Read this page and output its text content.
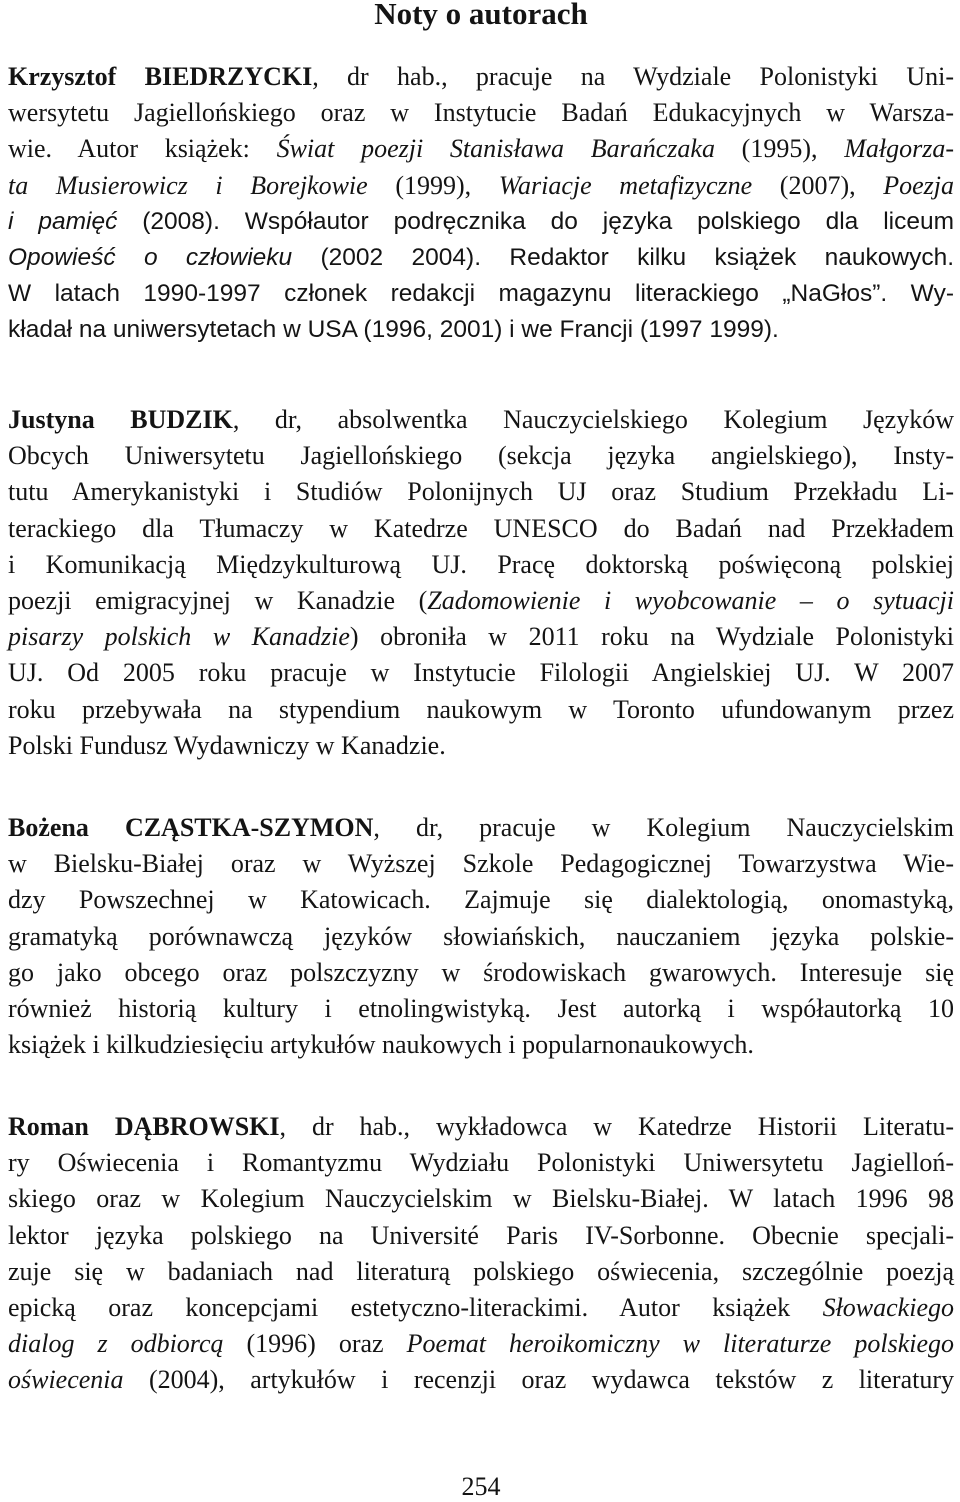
Noty o autorach
Krzysztof BIEDRZYCKI, dr hab., pracuje na Wydziale Polonistyki Uni-
wersytetu Jagiellońskiego oraz w Instytucie Badań Edukacyjnych w Warsza-
wie. Autor książek: Świat poezji Stanisława Barańczaka (1995), Małgorza-
ta Musierowicz i Borejkowie (1999), Wariacje metafizyczne (2007), Poezja
i pamięć (2008). Współautor podręcznika do języka polskiego dla liceum
Opowieść o człowieku (2002 2004). Redaktor kilku książek naukowych.
W latach 1990-1997 członek redakcji magazynu literackiego „NaGłos”. Wy-
kładał na uniwersytetach w USA (1996, 2001) i we Francji (1997 1999).
Justyna BUDZIK, dr, absolwentka Nauczycielskiego Kolegium Języków
Obcych Uniwersytetu Jagiellońskiego (sekcja języka angielskiego), Insty-
tutu Amerykanistyki i Studiów Polonijnych UJ oraz Studium Przekładu Li-
terackiego dla Tłumaczy w Katedrze UNESCO do Badań nad Przekładem
i Komunikacją Międzykulturową UJ. Pracę doktorską poświęconą polskiej
poezji emigracyjnej w Kanadzie (Zadomowienie i wyobcowanie – o sytuacji
pisarzy polskich w Kanadzie) obroniła w 2011 roku na Wydziale Polonistyki
UJ. Od 2005 roku pracuje w Instytucie Filologii Angielskiej UJ. W 2007
roku przebywała na stypendium naukowym w Toronto ufundowanym przez
Polski Fundusz Wydawniczy w Kanadzie.
Bożena CZĄSTKA-SZYMON, dr, pracuje w Kolegium Nauczycielskim
w Bielsku-Białej oraz w Wyższej Szkole Pedagogicznej Towarzystwa Wie-
dzy Powszechnej w Katowicach. Zajmuje się dialektologią, onomastyką,
gramatyką porównawczą języków słowiańskich, nauczaniem języka polskie-
go jako obcego oraz polszczyzny w środowiskach gwarowych. Interesuje się
również historią kultury i etnolingwistyką. Jest autorką i współautorką 10
książek i kilkudziesięciu artykułów naukowych i popularnonaukowych.
Roman DĄBROWSKI, dr hab., wykładowca w Katedrze Historii Literatu-
ry Oświecenia i Romantyzmu Wydziału Polonistyki Uniwersytetu Jagielloń-
skiego oraz w Kolegium Nauczycielskim w Bielsku-Białej. W latach 1996 98
lektor języka polskiego na Université Paris IV-Sorbonne. Obecnie specjali-
zuje się w badaniach nad literaturą polskiego oświecenia, szczególnie poezją
epicką oraz koncepcjami estetyczno-literackimi. Autor książek Słowackiego
dialog z odbiorcą (1996) oraz Poemat heroikomiczny w literaturze polskiego
oświecenia (2004), artykułów i recenzji oraz wydawca tekstów z literatury
254
